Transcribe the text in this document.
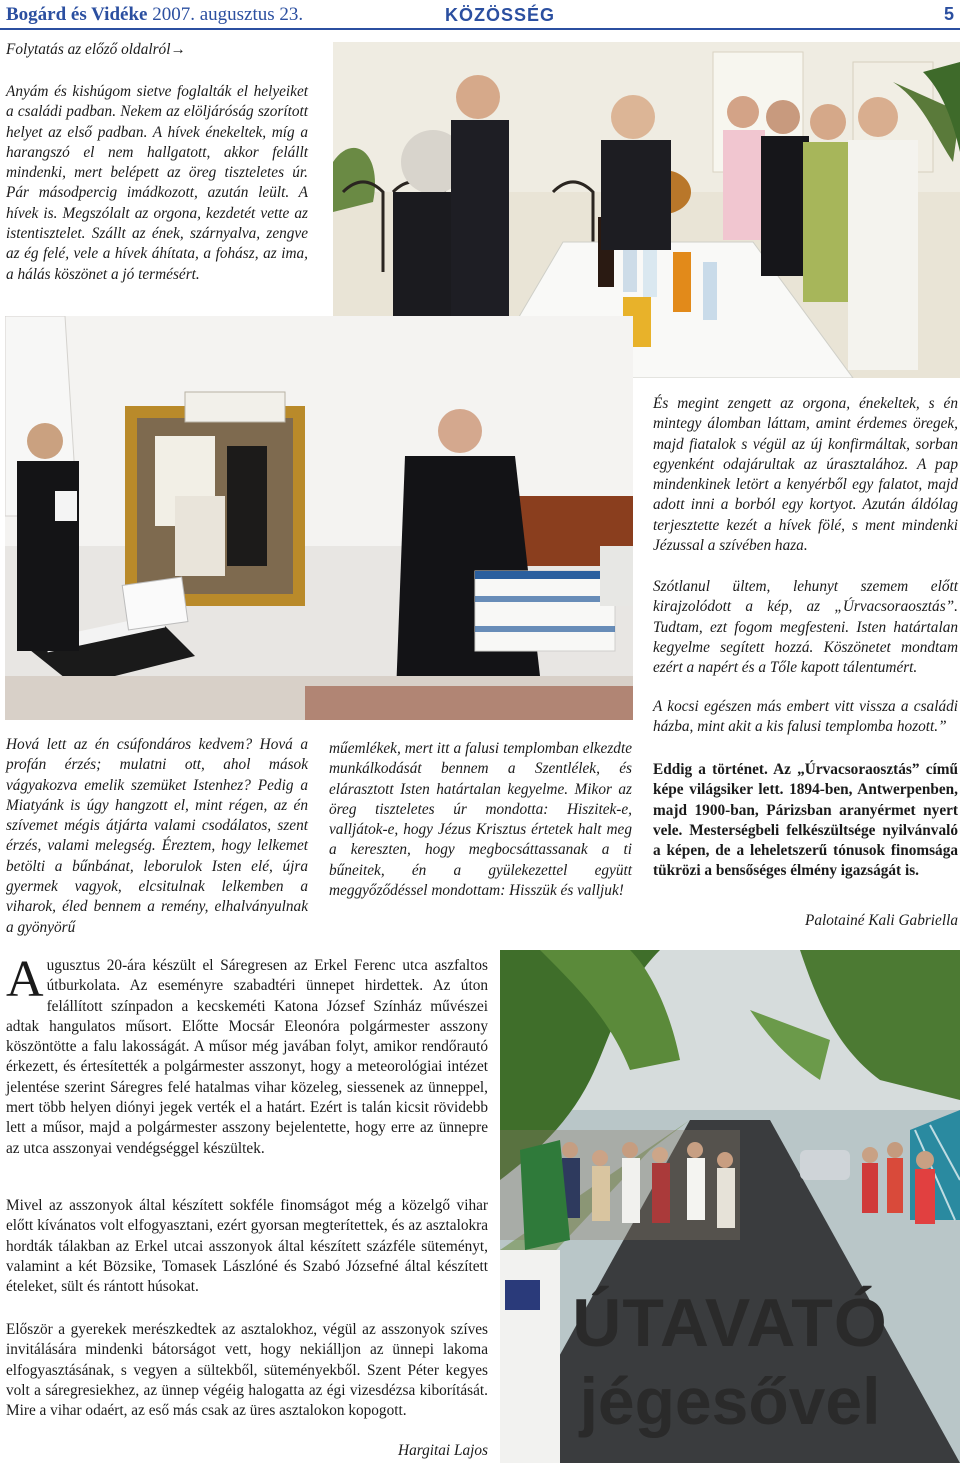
Bogárd és Vidéke 2007. augusztus 23.	KÖZÖSSÉG	5
Folytatás az előző oldalról→
Anyám és kishúgom sietve foglalták el helyeiket a családi padban. Nekem az elöljáróság szorított helyet az első padban. A hívek énekeltek, míg a harangszó el nem hallgatott, akkor felállt mindenki, mert belépett az öreg tiszteletes úr. Pár másodpercig imádkozott, azután leült. A hívek is. Megszólalt az orgona, kezdetét vette az istentisztelet. Szállt az ének, szárnyalva, zengve az ég felé, vele a hívek áhítata, a fohász, az ima, a hálás köszönet a jó termésért.
És megint zengett az orgona, énekeltek, s én mintegy álomban láttam, amint érdemes öregek, majd fiatalok s végül az új konfirmáltak, sorban egyenként odajárultak az úrasztalához. A pap mindenkinek letört a kenyérből egy falatot, majd adott inni a borból egy kortyot. Azután áldólag terjesztette kezét a hívek fölé, s ment mindenki Jézussal a szívében haza.
Szótlanul ültem, lehunyt szemem előtt kirajzolódott a kép, az „Úrvacsoraosztás”. Tudtam, ezt fogom megfesteni. Isten határtalan kegyelme segített hozzá. Köszönetet mondtam ezért a napért és a Tőle kapott tálentumért.
A kocsi egészen más embert vitt vissza a családi házba, mint akit a kis falusi templomba hozott.”
Eddig a történet. Az „Úrvacsoraosztás” című képe világsiker lett. 1894-ben, Antwerpenben, majd 1900-ban, Párizsban aranyérmet nyert vele. Mesterségbeli felkészültsége nyilvánvaló a képen, de a leheletszerű tónusok finomsága tükrözi a bensőséges élmény igazságát is.
Palotainé Kali Gabriella
Hová lett az én csúfondáros kedvem? Hová a profán érzés; mulatni ott, ahol mások vágyakozva emelik szemüket Istenhez? Pedig a Miatyánk is úgy hangzott el, mint régen, az én szívemet mégis átjárta valami csodálatos, szent érzés, valami melegség. Éreztem, hogy lelkemet betölti a bűnbánat, leborulok Isten elé, újra gyermek vagyok, elcsitulnak lelkemben a viharok, éled bennem a remény, elhalványulnak a gyönyörű
műemlékek, mert itt a falusi templomban elkezdte munkálkodását bennem a Szentlélek, és elárasztott Isten határtalan kegyelme. Mikor az öreg tiszteletes úr mondotta: Hiszitek-e, valljátok-e, hogy Jézus Krisztus értetek halt meg a kereszten, hogy megbocsáttassanak a ti bűneitek, én a gyülekezettel együtt meggyőződéssel mondottam: Hisszük és valljuk!
Augusztus 20-ára készült el Sáregresen az Erkel Ferenc utca aszfaltos útburkolata. Az eseményre szabadtéri ünnepet hirdettek. Az úton felállított színpadon a kecskeméti Katona József Színház művészei adtak hangulatos műsort. Előtte Mocsár Eleonóra polgármester asszony köszöntötte a falu lakosságát. A műsor még javában folyt, amikor rendőrautó érkezett, és értesítették a polgármester asszonyt, hogy a meteorológiai intézet jelentése szerint Sáregres felé hatalmas vihar közeleg, siessenek az ünneppel, mert több helyen diónyi jegek verték el a határt. Ezért is talán kicsit rövidebb lett a műsor, majd a polgármester asszony bejelentette, hogy erre az ünnepre az utca asszonyai vendégséggel készültek.
Mivel az asszonyok által készített sokféle finomságot még a közelgő vihar előtt kívánatos volt elfogyasztani, ezért gyorsan megterítettek, és az asztalokra hordták tálakban az Erkel utcai asszonyok által készített százféle süteményt, valamint a két Bözsike, Tomasek Lászlóné és Szabó Józsefné által készített ételeket, sült és rántott húsokat.
Először a gyerekek merészkedtek az asztalokhoz, végül az asszonyok szíves invitálására mindenki bátorságot vett, hogy nekiálljon az ünnepi lakoma elfogyasztásának, s vegyen a sültekből, süteményekből. Szent Péter kegyes volt a sáregresiekhez, az ünnep végéig halogatta az égi vizesdézsa kiborítását. Mire a vihar odaért, az eső más csak az üres asztalokon kopogott.
Hargitai Lajos
ÚTAVATÓ
jégesővel
